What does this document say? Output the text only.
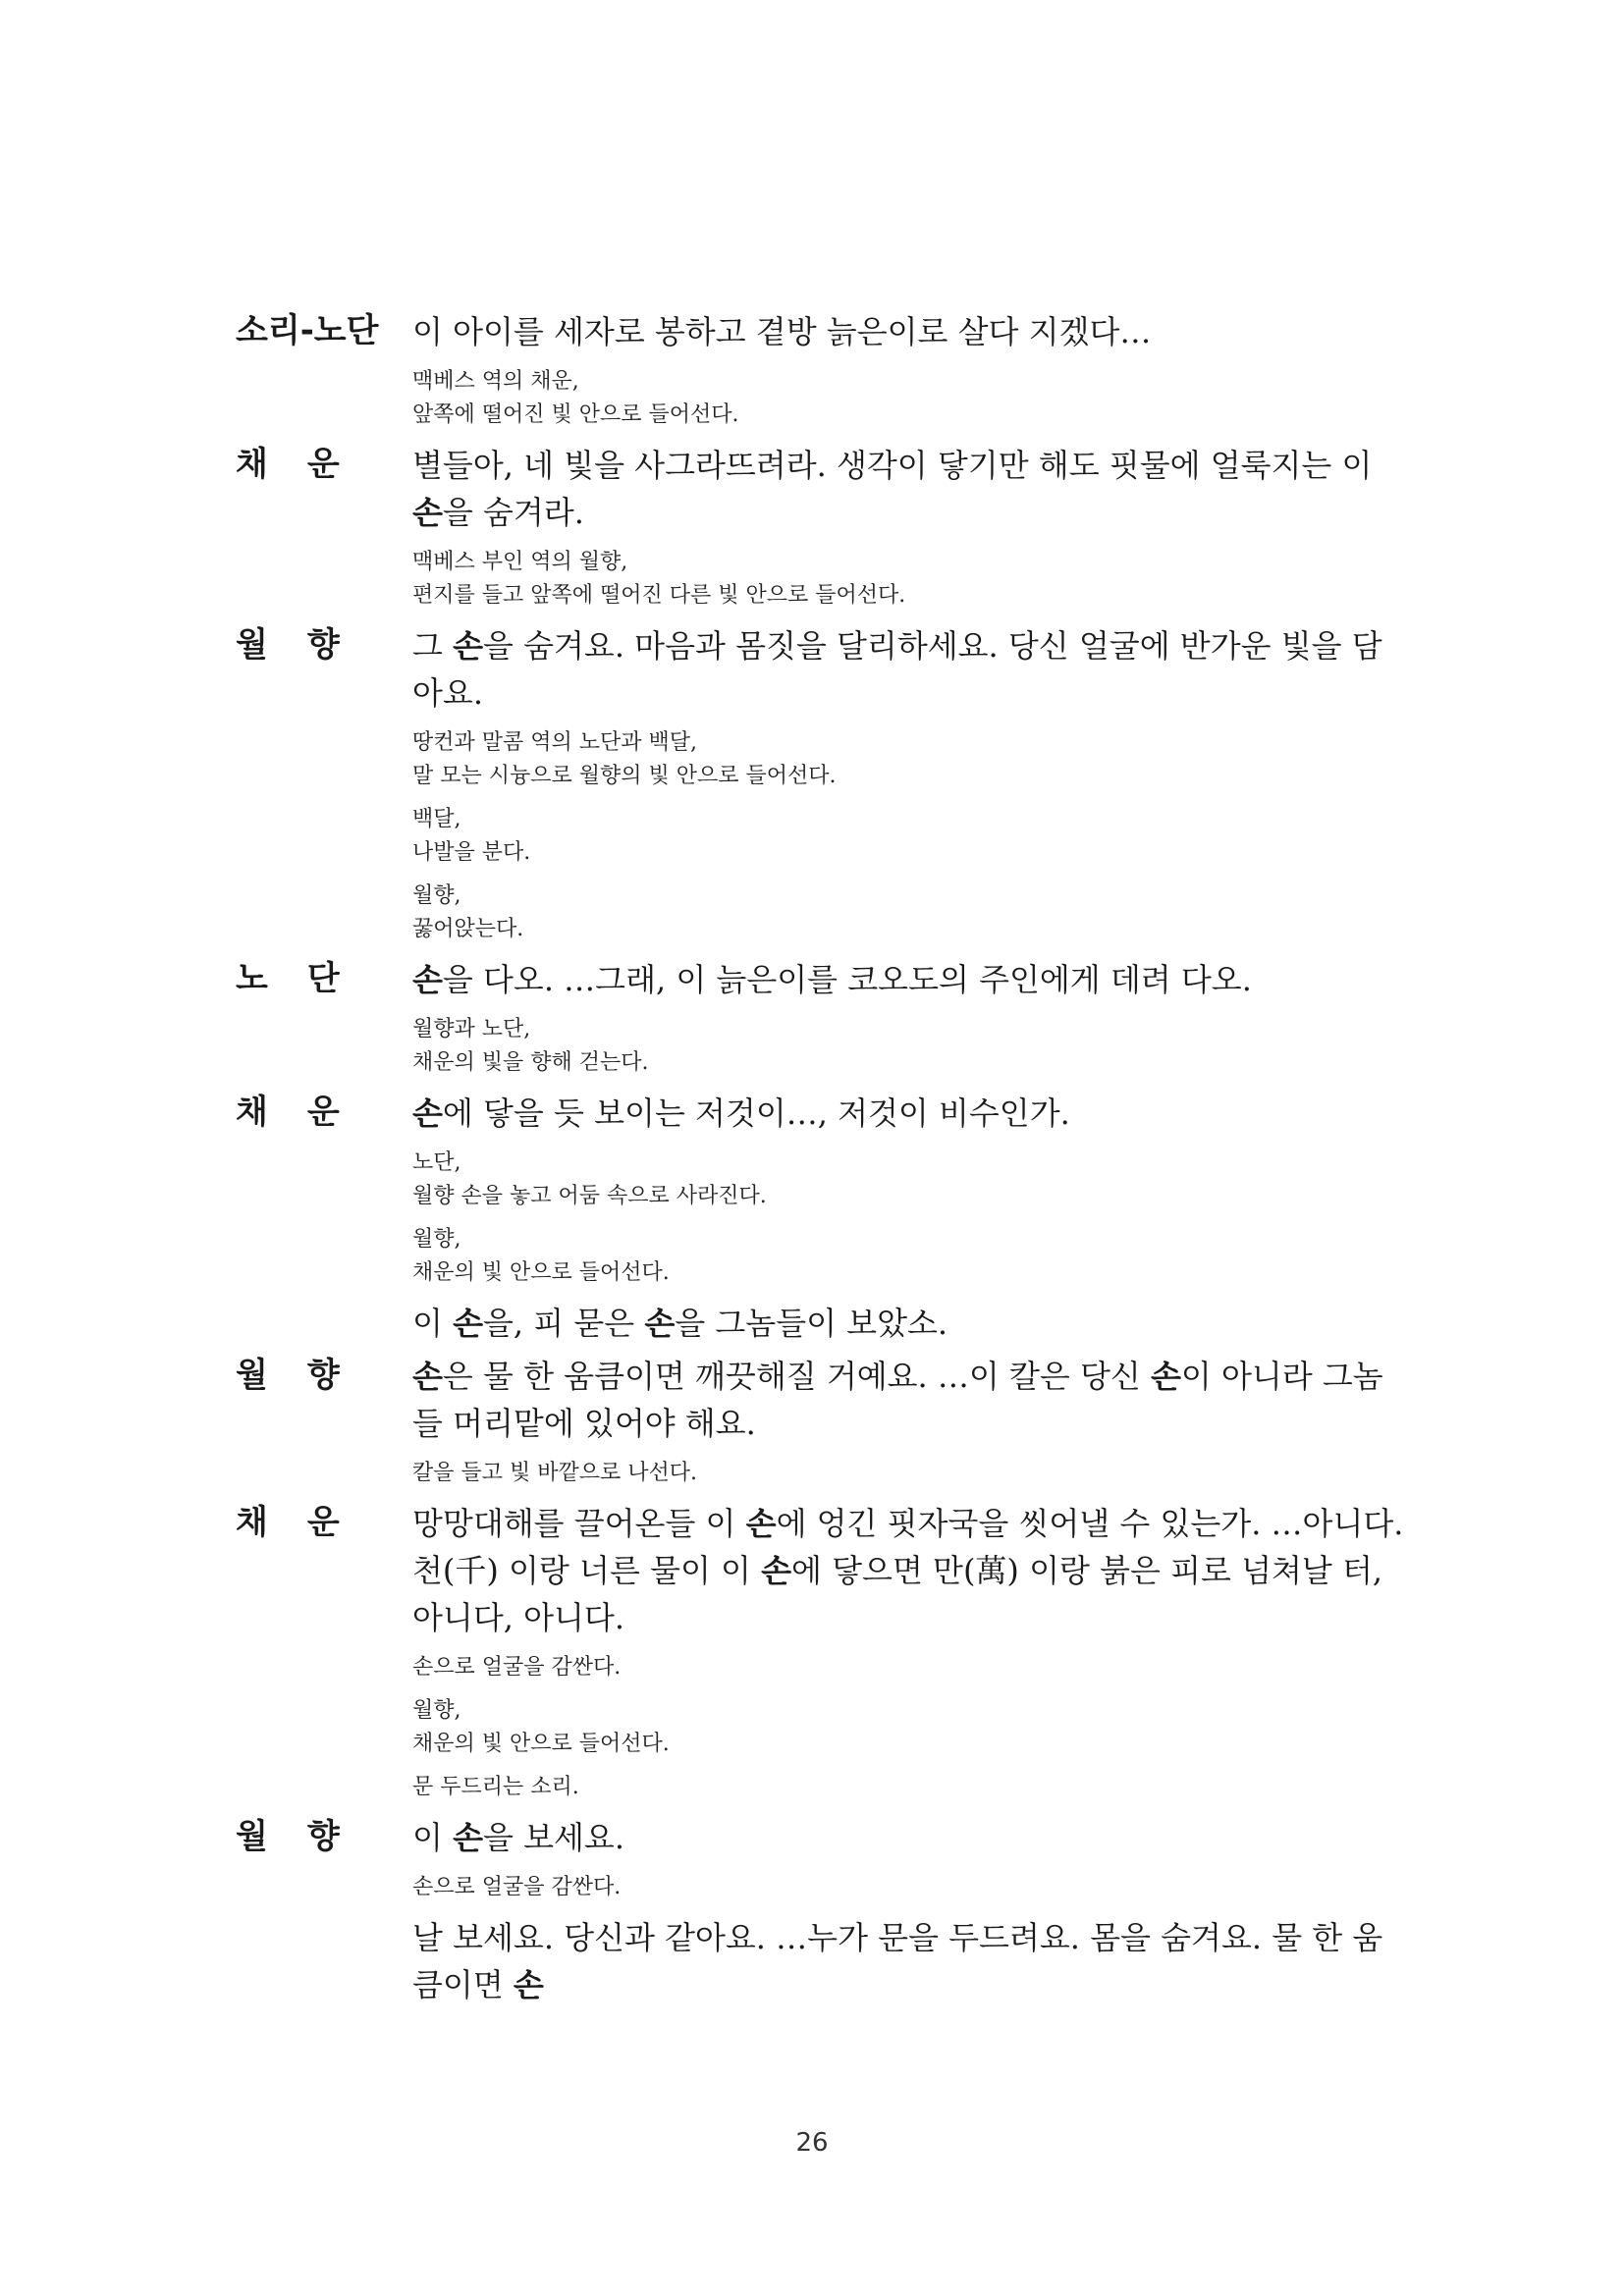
소리-노단	이 아이를 세자로 봉하고 곁방 늙은이로 살다 지겠다…
맥베스 역의 채운,
앞쪽에 떨어진 빛 안으로 들어선다.
채운	별들아, 네 빛을 사그라뜨려라. 생각이 닿기만 해도 핏물에 얼룩지는 이 손을 숨겨라.
맥베스 부인 역의 월향,
편지를 들고 앞쪽에 떨어진 다른 빛 안으로 들어선다.
월향	그 손을 숨겨요. 마음과 몸짓을 달리하세요. 당신 얼굴에 반가운 빛을 담아요.
땅컨과 말콤 역의 노단과 백달,
말 모는 시늉으로 월향의 빛 안으로 들어선다.
백달,
나발을 분다.
월향,
꿇어앉는다.
노단	손을 다오. …그래, 이 늙은이를 코오도의 주인에게 데려 다오.
월향과 노단,
채운의 빛을 향해 걷는다.
채운	손에 닿을 듯 보이는 저것이…, 저것이 비수인가.
노단,
월향 손을 놓고 어둠 속으로 사라진다.
월향,
채운의 빛 안으로 들어선다.
이 손을, 피 묻은 손을 그놈들이 보았소.
월향	손은 물 한 움큼이면 깨끗해질 거예요. …이 칼은 당신 손이 아니라 그놈들 머리맡에 있어야 해요.
칼을 들고 빛 바깥으로 나선다.
채운	망망대해를 끌어온들 이 손에 엉긴 핏자국을 씻어낼 수 있는가. …아니다. 천(千) 이랑 너른 물이 이 손에 닿으면 만(萬) 이랑 붉은 피로 넘쳐날 터, 아니다, 아니다.
손으로 얼굴을 감싼다.
월향,
채운의 빛 안으로 들어선다.
문 두드리는 소리.
월향	이 손을 보세요.
손으로 얼굴을 감싼다.
날 보세요. 당신과 같아요. …누가 문을 두드려요. 몸을 숨겨요. 물 한 움큼이면 손
26
